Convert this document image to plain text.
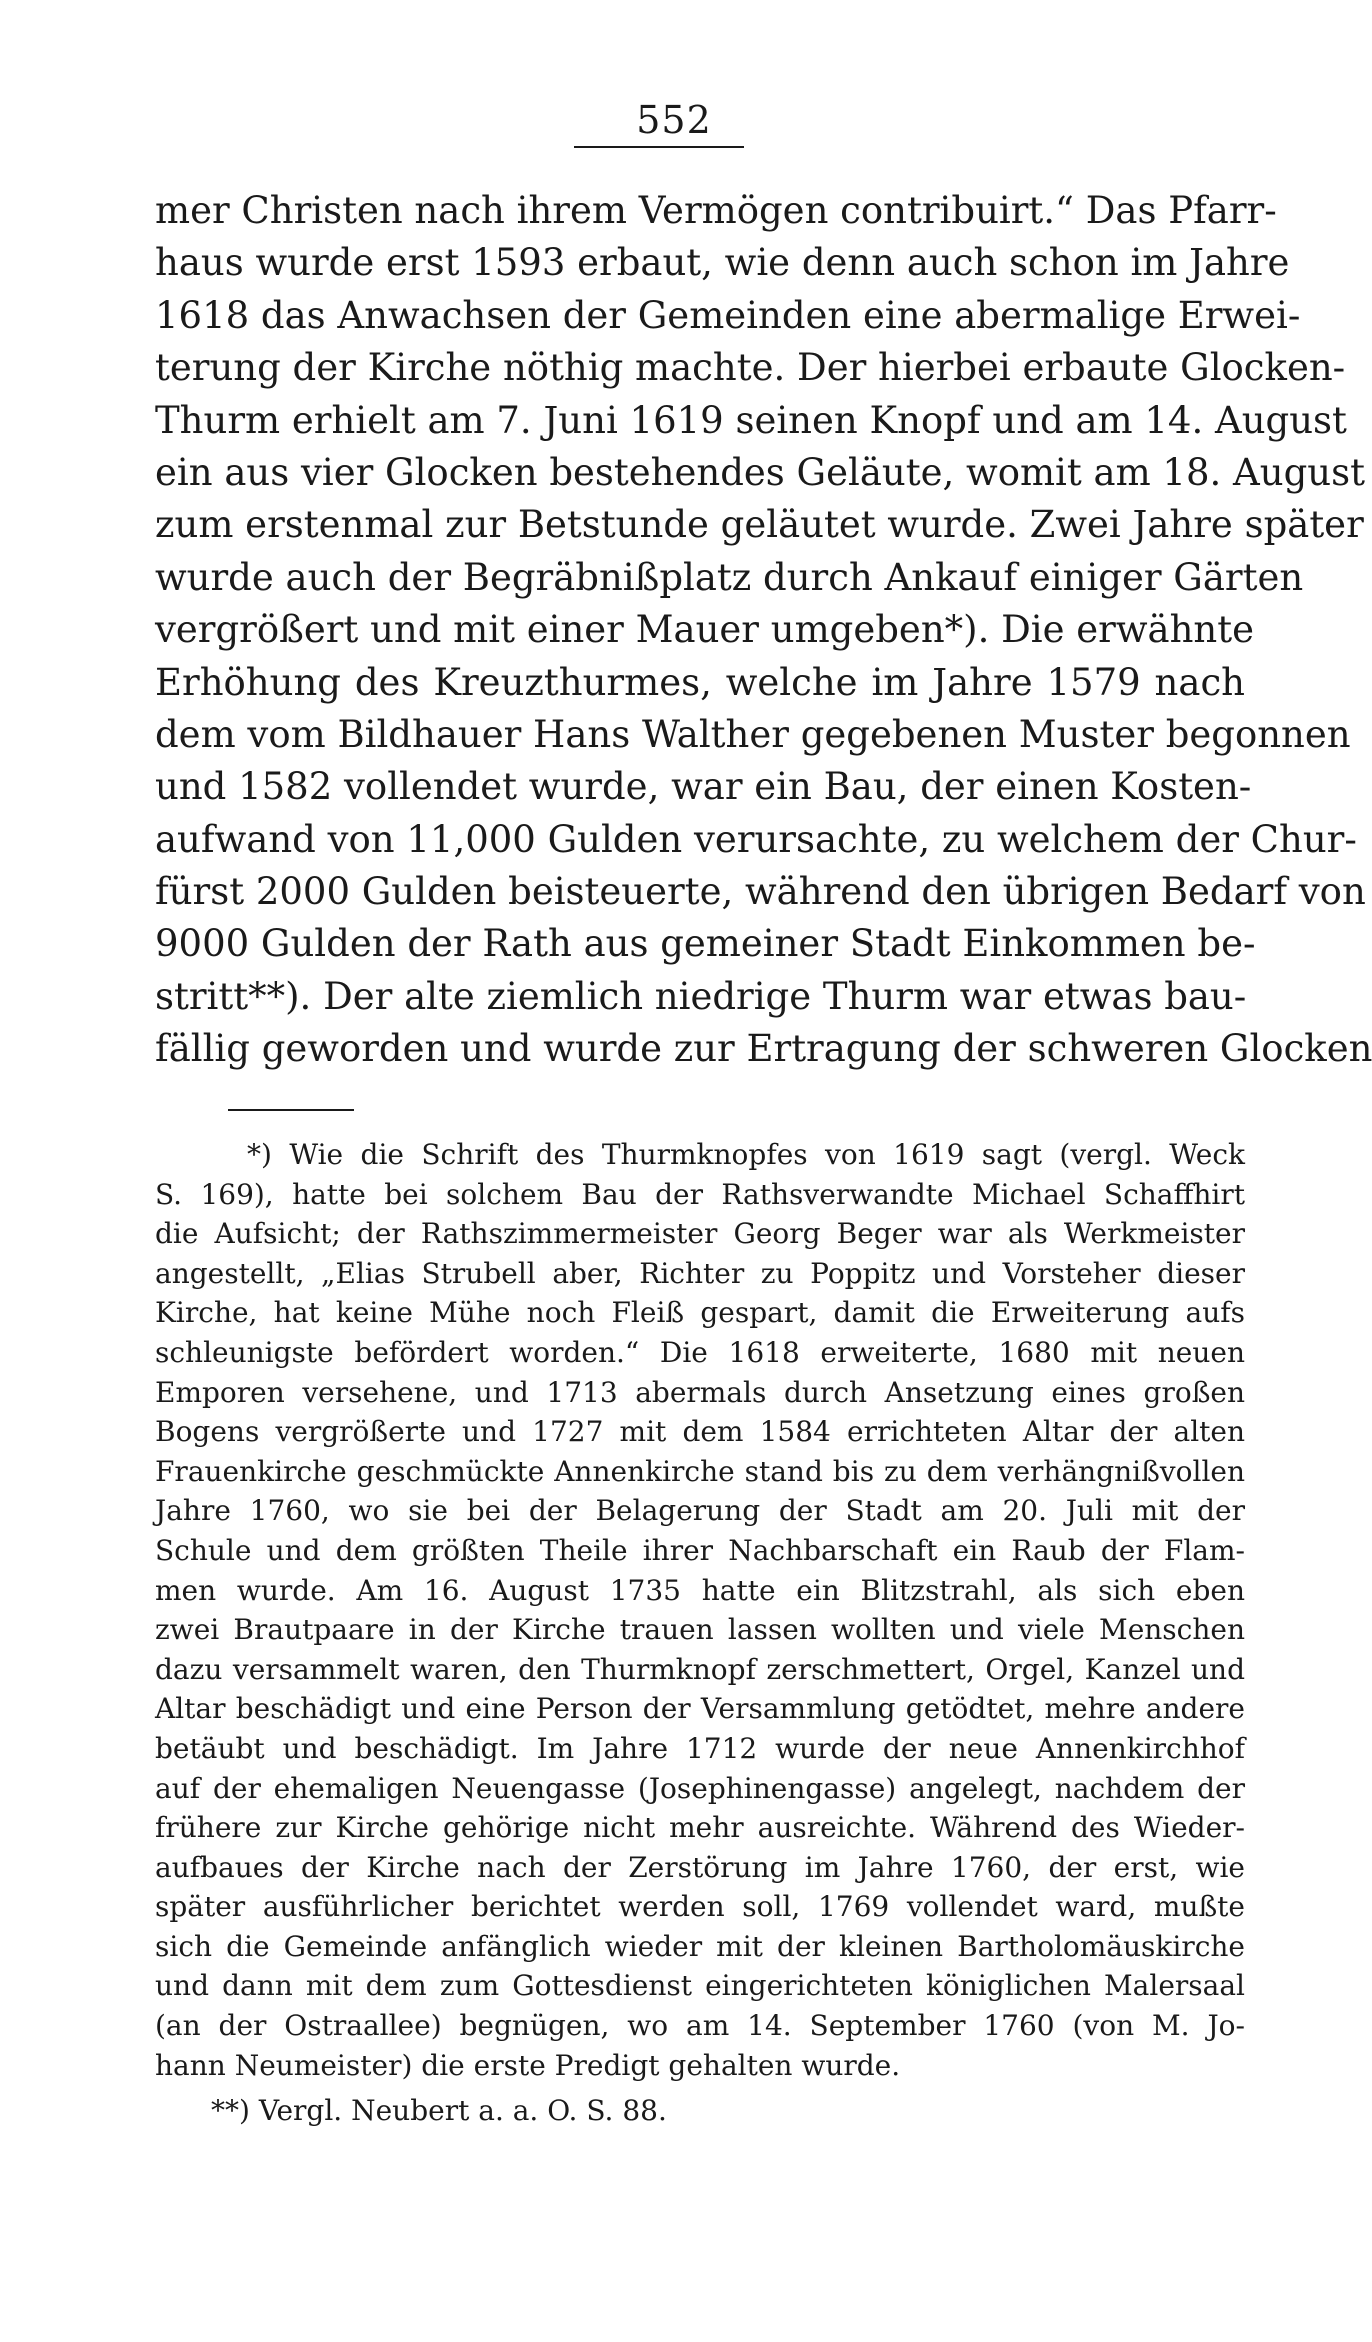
552
mer Christen nach ihrem Vermögen contribuirt.“ Das Pfarr-
haus wurde erst 1593 erbaut, wie denn auch schon im Jahre
1618 das Anwachsen der Gemeinden eine abermalige Erwei-
terung der Kirche nöthig machte. Der hierbei erbaute Glocken-
Thurm erhielt am 7. Juni 1619 seinen Knopf und am 14. August
ein aus vier Glocken bestehendes Geläute, womit am 18. August
zum erstenmal zur Betstunde geläutet wurde. Zwei Jahre später
wurde auch der Begräbnißplatz durch Ankauf einiger Gärten
vergrößert und mit einer Mauer umgeben*). Die erwähnte
Erhöhung des Kreuzthurmes, welche im Jahre 1579 nach
dem vom Bildhauer Hans Walther gegebenen Muster begonnen
und 1582 vollendet wurde, war ein Bau, der einen Kosten-
aufwand von 11,000 Gulden verursachte, zu welchem der Chur-
fürst 2000 Gulden beisteuerte, während den übrigen Bedarf von
9000 Gulden der Rath aus gemeiner Stadt Einkommen be-
stritt**). Der alte ziemlich niedrige Thurm war etwas bau-
fällig geworden und wurde zur Ertragung der schweren Glocken
*) Wie die Schrift des Thurmknopfes von 1619 sagt (vergl. Weck
S. 169), hatte bei solchem Bau der Rathsverwandte Michael Schaffhirt
die Aufsicht; der Rathszimmermeister Georg Beger war als Werkmeister
angestellt, „Elias Strubell aber, Richter zu Poppitz und Vorsteher dieser
Kirche, hat keine Mühe noch Fleiß gespart, damit die Erweiterung aufs
schleunigste befördert worden.“ Die 1618 erweiterte, 1680 mit neuen
Emporen versehene, und 1713 abermals durch Ansetzung eines großen
Bogens vergrößerte und 1727 mit dem 1584 errichteten Altar der alten
Frauenkirche geschmückte Annenkirche stand bis zu dem verhängnißvollen
Jahre 1760, wo sie bei der Belagerung der Stadt am 20. Juli mit der
Schule und dem größten Theile ihrer Nachbarschaft ein Raub der Flam-
men wurde. Am 16. August 1735 hatte ein Blitzstrahl, als sich eben
zwei Brautpaare in der Kirche trauen lassen wollten und viele Menschen
dazu versammelt waren, den Thurmknopf zerschmettert, Orgel, Kanzel und
Altar beschädigt und eine Person der Versammlung getödtet, mehre andere
betäubt und beschädigt. Im Jahre 1712 wurde der neue Annenkirchhof
auf der ehemaligen Neuengasse (Josephinengasse) angelegt, nachdem der
frühere zur Kirche gehörige nicht mehr ausreichte. Während des Wieder-
aufbaues der Kirche nach der Zerstörung im Jahre 1760, der erst, wie
später ausführlicher berichtet werden soll, 1769 vollendet ward, mußte
sich die Gemeinde anfänglich wieder mit der kleinen Bartholomäuskirche
und dann mit dem zum Gottesdienst eingerichteten königlichen Malersaal
(an der Ostraallee) begnügen, wo am 14. September 1760 (von M. Jo-
hann Neumeister) die erste Predigt gehalten wurde.
**) Vergl. Neubert a. a. O. S. 88.
